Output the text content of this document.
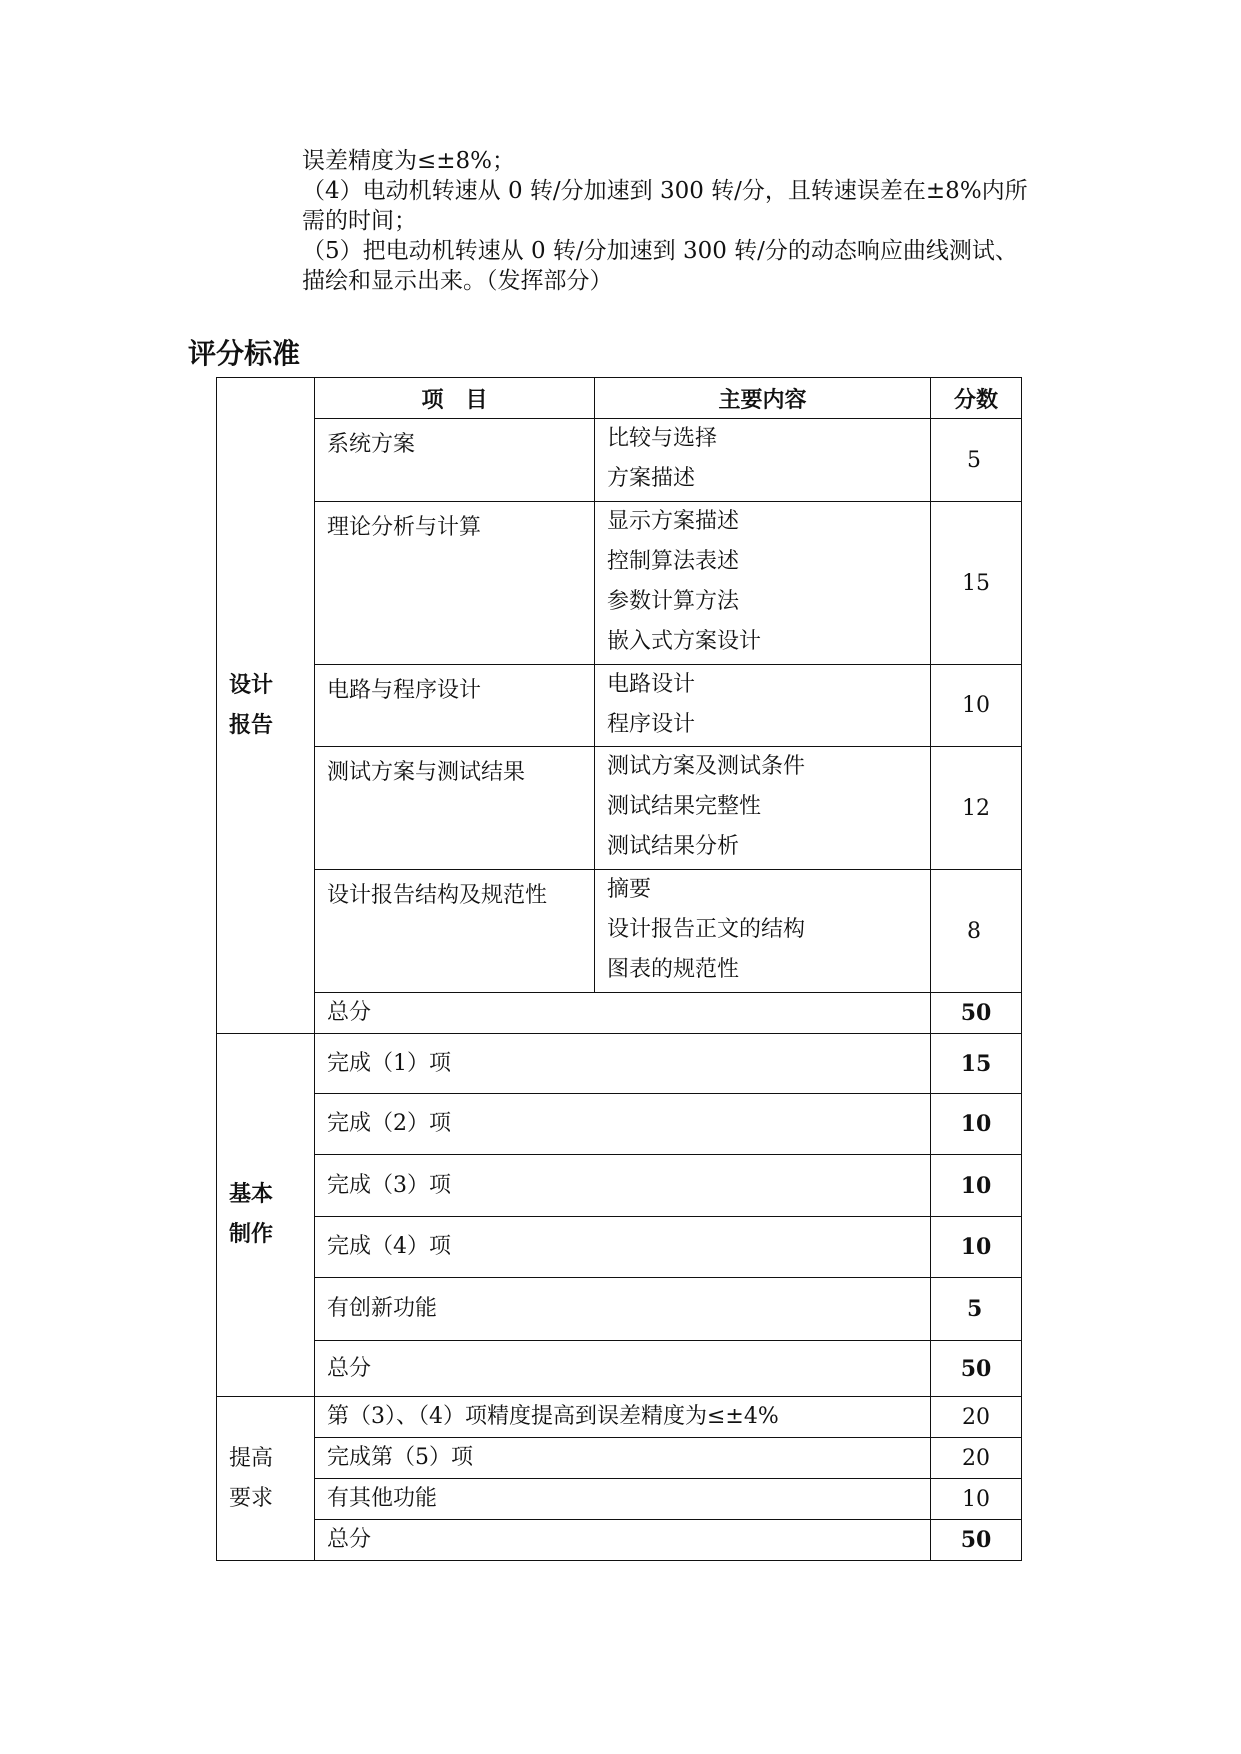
误差精度为≤±8%；

（4）电动机转速从 0 转/分加速到 300 转/分，且转速误差在±8%内所

需的时间；

（5）把电动机转速从 0 转/分加速到 300 转/分的动态响应曲线测试、

描绘和显示出来。（发挥部分）

评分标准
设计
报告	项　目	主要内容	分数
	系统方案	比较与选择
方案描述	5
	理论分析与计算	显示方案描述
控制算法表述
参数计算方法
嵌入式方案设计	15
	电路与程序设计	电路设计
程序设计	10
	测试方案与测试结果	测试方案及测试条件
测试结果完整性
测试结果分析	12
	设计报告结构及规范性	摘要
设计报告正文的结构
图表的规范性	8
	总分		50

基本
制作	完成（1）项		15
	完成（2）项		10
	完成（3）项		10
	完成（4）项		10
	有创新功能		5
	总分		50

提高
要求	第（3）、（4）项精度提高到误差精度为≤±4%		20
	完成第（5）项		20
	有其他功能		10
	总分		50
